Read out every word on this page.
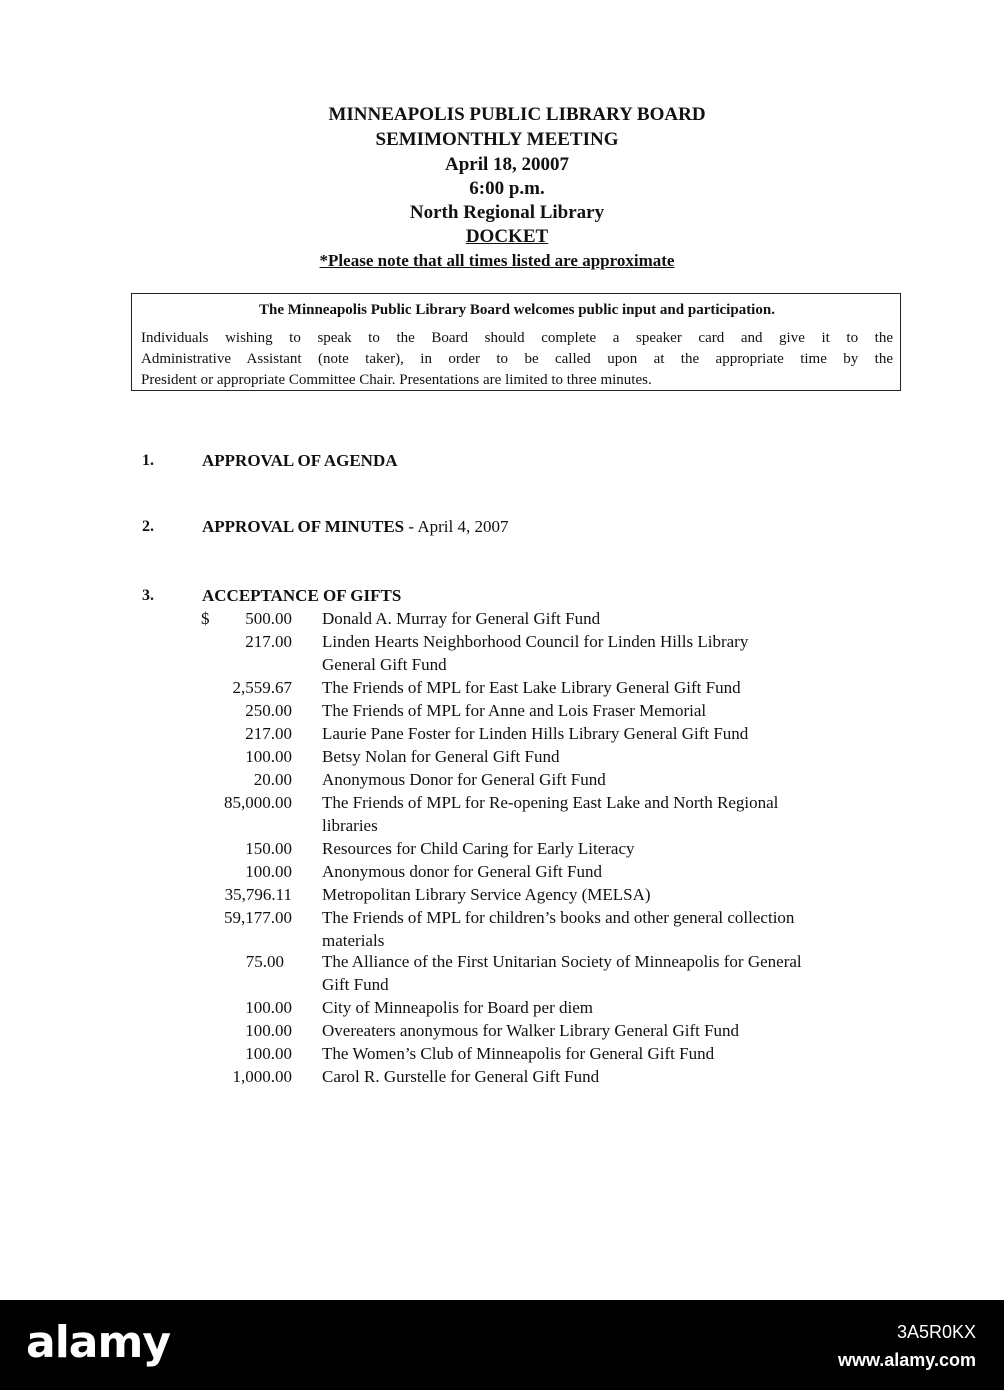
MINNEAPOLIS PUBLIC LIBRARY BOARD
SEMIMONTHLY MEETING
April 18, 20007
6:00 p.m.
North Regional Library
DOCKET
*Please note that all times listed are approximate
The Minneapolis Public Library Board welcomes public input and participation.
Individuals wishing to speak to the Board should complete a speaker card and give it to the
Administrative Assistant (note taker), in order to be called upon at the appropriate time by the
President or appropriate Committee Chair. Presentations are limited to three minutes.
1.	APPROVAL OF AGENDA
2.	APPROVAL OF MINUTES - April 4, 2007
3.	ACCEPTANCE OF GIFTS
$ 500.00 Donald A. Murray for General Gift Fund
217.00 Linden Hearts Neighborhood Council for Linden Hills Library
General Gift Fund
2,559.67 The Friends of MPL for East Lake Library General Gift Fund
250.00 The Friends of MPL for Anne and Lois Fraser Memorial
217.00 Laurie Pane Foster for Linden Hills Library General Gift Fund
100.00 Betsy Nolan for General Gift Fund
20.00 Anonymous Donor for General Gift Fund
85,000.00 The Friends of MPL for Re-opening East Lake and North Regional
libraries
150.00 Resources for Child Caring for Early Literacy
100.00 Anonymous donor for General Gift Fund
35,796.11 Metropolitan Library Service Agency (MELSA)
59,177.00 The Friends of MPL for children’s books and other general collection
materials
75.00 The Alliance of the First Unitarian Society of Minneapolis for General
Gift Fund
100.00 City of Minneapolis for Board per diem
100.00 Overeaters anonymous for Walker Library General Gift Fund
100.00 The Women’s Club of Minneapolis for General Gift Fund
1,000.00 Carol R. Gurstelle for General Gift Fund
alamy	3A5R0KX
www.alamy.com
